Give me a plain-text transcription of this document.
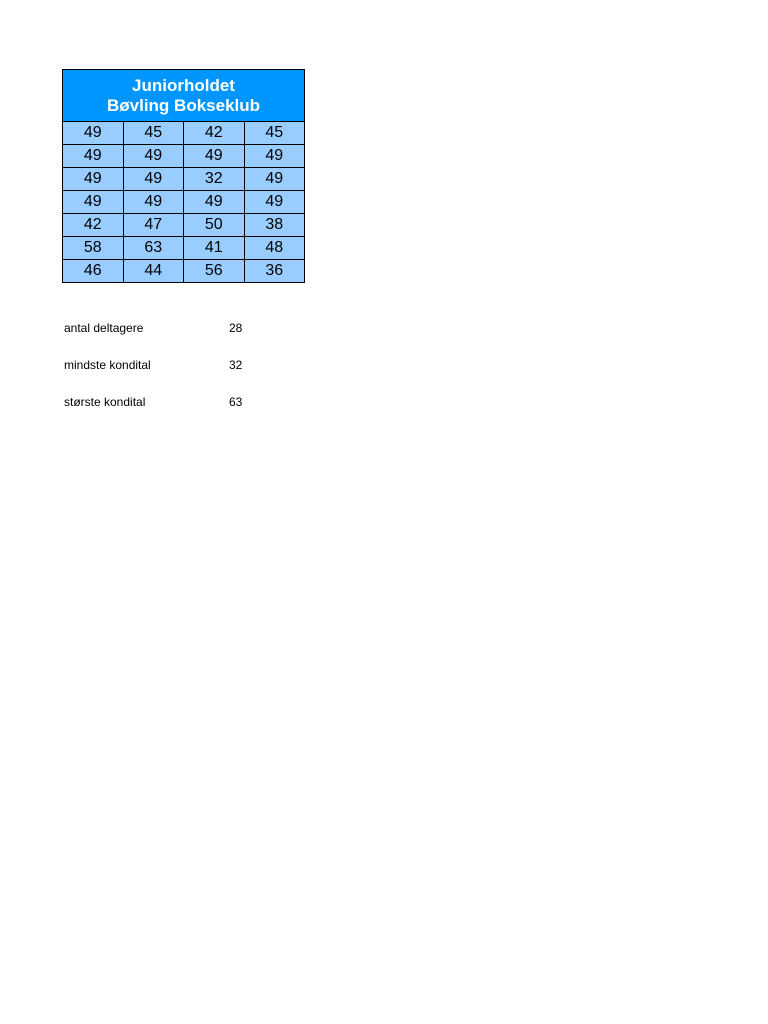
Juniorholdet
Bøvling Bokseklub			

49	45	42	45
49	49	49	49
49	49	32	49
49	49	49	49
42	47	50	38
58	63	41	48
46	44	56	36
antal deltagere	28
mindste kondital	32
største kondital	63
